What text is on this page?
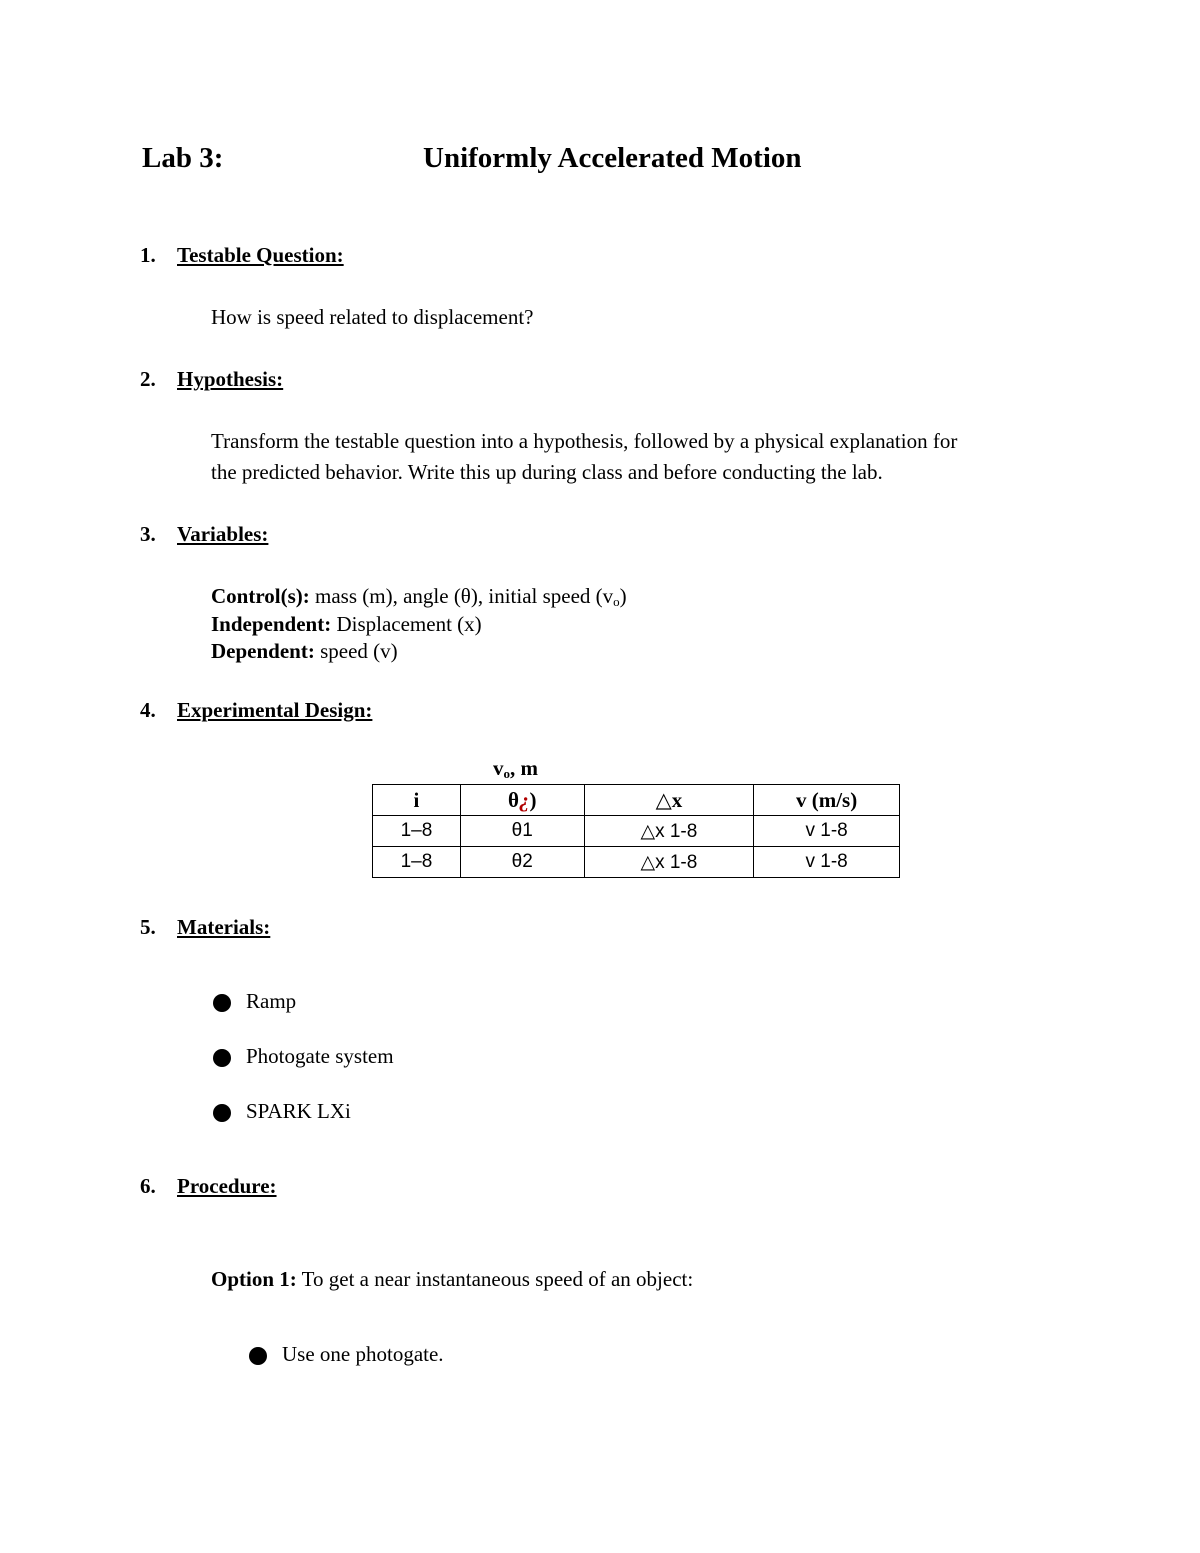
Lab 3:	Uniformly Accelerated Motion
1. Testable Question:
How is speed related to displacement?
2. Hypothesis:
Transform the testable question into a hypothesis, followed by a physical explanation for
the predicted behavior. Write this up during class and before conducting the lab.
3. Variables:
Control(s): mass (m), angle (θ), initial speed $(v_o)$
Independent: Displacement (x)
Dependent: speed (v)
4. Experimental Design:
$v_o$, m
i	θ¿)	△x	v (m/s)
1–8	θ1	△x 1-8	v 1-8
1–8	θ2	△x 1-8	v 1-8
5. Materials:
Ramp
Photogate system
SPARK LXi
6. Procedure:
Option 1: To get a near instantaneous speed of an object:
Use one photogate.
